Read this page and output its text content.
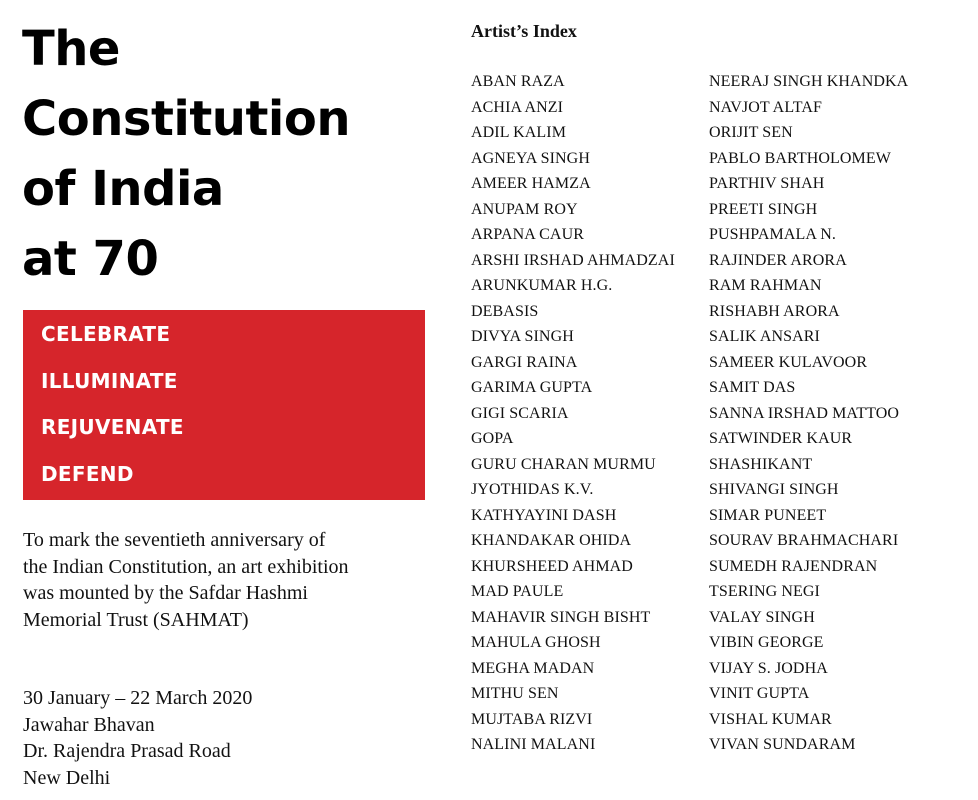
The
Constitution
of India
at 70
CELEBRATE
ILLUMINATE
REJUVENATE
DEFEND
To mark the seventieth anniversary of the Indian Constitution, an art exhibition was mounted by the Safdar Hashmi Memorial Trust (SAHMAT)
30 January – 22 March 2020
Jawahar Bhavan
Dr. Rajendra Prasad Road
New Delhi
Artist’s Index
ABAN RAZA
ACHIA ANZI
ADIL KALIM
AGNEYA SINGH
AMEER HAMZA
ANUPAM ROY
ARPANA CAUR
ARSHI IRSHAD AHMADZAI
ARUNKUMAR H.G.
DEBASIS
DIVYA SINGH
GARGI RAINA
GARIMA GUPTA
GIGI SCARIA
GOPA
GURU CHARAN MURMU
JYOTHIDAS K.V.
KATHYAYINI DASH
KHANDAKAR OHIDA
KHURSHEED AHMAD
MAD PAULE
MAHAVIR SINGH BISHT
MAHULA GHOSH
MEGHA MADAN
MITHU SEN
MUJTABA RIZVI
NALINI MALANI
NEERAJ SINGH KHANDKA
NAVJOT ALTAF
ORIJIT SEN
PABLO BARTHOLOMEW
PARTHIV SHAH
PREETI SINGH
PUSHPAMALA N.
RAJINDER ARORA
RAM RAHMAN
RISHABH ARORA
SALIK ANSARI
SAMEER KULAVOOR
SAMIT DAS
SANNA IRSHAD MATTOO
SATWINDER KAUR
SHASHIKANT
SHIVANGI SINGH
SIMAR PUNEET
SOURAV BRAHMACHARI
SUMEDH RAJENDRAN
TSERING NEGI
VALAY SINGH
VIBIN GEORGE
VIJAY S. JODHA
VINIT GUPTA
VISHAL KUMAR
VIVAN SUNDARAM
